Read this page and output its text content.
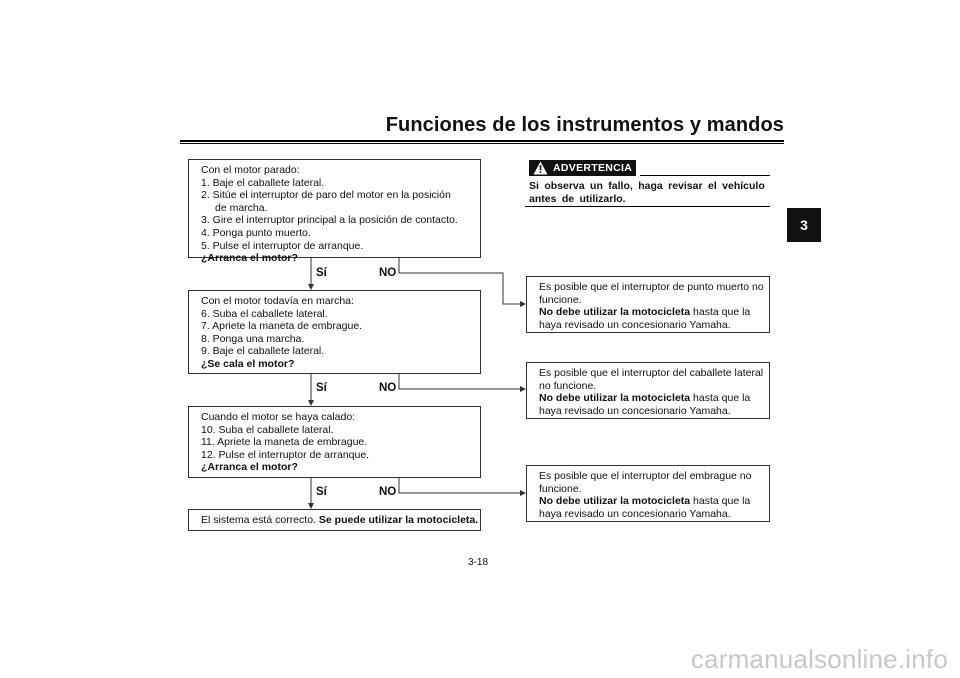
Funciones de los instrumentos y mandos
3
Con el motor parado:
1. Baje el caballete lateral.
2. Sitúe el interruptor de paro del motor en la posición
de marcha.
3. Gire el interruptor principal a la posición de contacto.
4. Ponga punto muerto.
5. Pulse el interruptor de arranque.
¿Arranca el motor?
Con el motor todavía en marcha:
6. Suba el caballete lateral.
7. Apriete la maneta de embrague.
8. Ponga una marcha.
9. Baje el caballete lateral.
¿Se cala el motor?
Cuando el motor se haya calado:
10. Suba el caballete lateral.
11. Apriete la maneta de embrague.
12. Pulse el interruptor de arranque.
¿Arranca el motor?
El sistema está correcto. Se puede utilizar la motocicleta.
Sí	NO
Sí	NO
Sí	NO
Es posible que el interruptor de punto muerto no
funcione.
No debe utilizar la motocicleta hasta que la
haya revisado un concesionario Yamaha.
Es posible que el interruptor del caballete lateral
no funcione.
No debe utilizar la motocicleta hasta que la
haya revisado un concesionario Yamaha.
Es posible que el interruptor del embrague no
funcione.
No debe utilizar la motocicleta hasta que la
haya revisado un concesionario Yamaha.
ADVERTENCIA
Si observa un fallo, haga revisar el vehículo antes de utilizarlo.
3-18
carmanualsonline.info
